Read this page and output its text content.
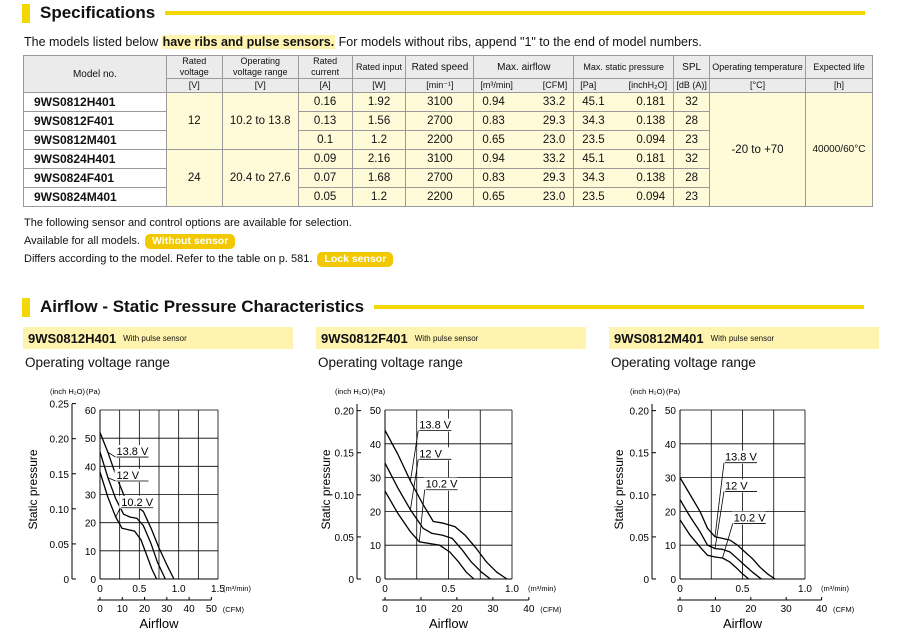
Specifications
The models listed below have ribs and pulse sensors. For models without ribs, append "1" to the end of model numbers.
Model no.	Rated voltage	Operating voltage range	Rated current	Rated input	Rated speed	Max. airflow	Max. static pressure	SPL	Operating temperature	Expected life
	[V]	[V]	[A]	[W]	[min⁻¹]	[m³/min] [CFM]	[Pa] [inchH₂O]	[dB (A)]	[°C]	[h]
9WS0812H401	12	10.2 to 13.8	0.16	1.92	3100	0.94 33.2	45.1 0.181	32	-20 to +70	40000/60°C
9WS0812F401			0.13	1.56	2700	0.83 29.3	34.3 0.138	28		
9WS0812M401			0.1	1.2	2200	0.65 23.0	23.5 0.094	23		
9WS0824H401	24	20.4 to 27.6	0.09	2.16	3100	0.94 33.2	45.1 0.181	32		
9WS0824F401			0.07	1.68	2700	0.83 29.3	34.3 0.138	28		
9WS0824M401			0.05	1.2	2200	0.65 23.0	23.5 0.094	23		
The following sensor and control options are available for selection.
Available for all models.	Without sensor
Differs according to the model. Refer to the table on p. 581.	Lock sensor
Airflow - Static Pressure Characteristics
9WS0812H401 With pulse sensor
Operating voltage range
9WS0812F401 With pulse sensor
Operating voltage range
9WS0812M401 With pulse sensor
Operating voltage range
0
10
20
30
40
50
60
0
0.05
0.10
0.15
0.20
0.25
(inch H₂O) (Pa)
Static pressure
0	0.5	1.0	1.5
(m³/min)
0 10 20 30 40 50 (CFM)
Airflow
13.8 V
12 V
10.2 V
0
10
20
30
40
50
0
0.05
0.10
0.15
0.20
(inch H₂O) (Pa)
Static pressure
0	0.5	1.0 (m³/min)
0	10 20 30 40 (CFM)
Airflow
13.8 V
12 V
10.2 V
0
10
20
30
40
50
0
0.05
0.10
0.15
0.20
(inch H₂O) (Pa)
Static pressure
0	0.5	1.0 (m³/min)
0	10 20 30 40 (CFM)
Airflow
13.8 V
12 V
10.2 V
